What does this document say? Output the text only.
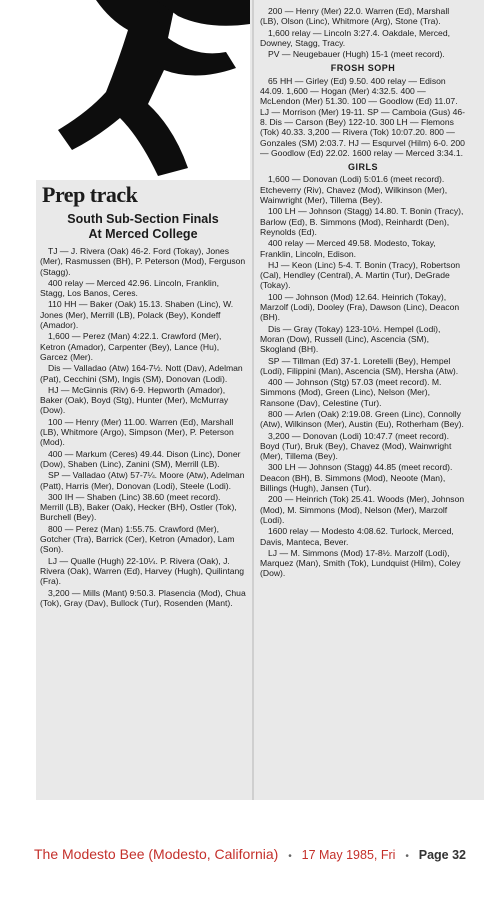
Prep track
South Sub-Section Finals
At Merced College

TJ — J. Rivera (Oak) 46-2. Ford (Tokay), Jones (Mer), Rasmussen (BH), P. Peterson (Mod), Ferguson (Stagg).

400 relay — Merced 42.96. Lincoln, Franklin, Stagg, Los Banos, Ceres.

110 HH — Baker (Oak) 15.13. Shaben (Linc), W. Jones (Mer), Merrill (LB), Polack (Bey), Kondeff (Amador).

1,600 — Perez (Man) 4:22.1. Crawford (Mer), Ketron (Amador), Carpenter (Bey), Lance (Hu), Garcez (Mer).

Dis — Valladao (Atw) 164-7½. Nott (Dav), Adelman (Pat), Cecchini (SM), Ingis (SM), Donovan (Lodi).

HJ — McGinnis (Riv) 6-9. Hepworth (Amador), Baker (Oak), Boyd (Stg), Hunter (Mer), McMurray (Dow).

100 — Henry (Mer) 11.00. Warren (Ed), Marshall (LB), Whitmore (Argo), Simpson (Mer), P. Peterson (Mod).

400 — Markum (Ceres) 49.44. Dison (Linc), Doner (Dow), Shaben (Linc), Zanini (SM), Merrill (LB).

SP — Valladao (Atw) 57-7¼. Moore (Atw), Adelman (Patt), Harris (Mer), Donovan (Lodi), Steele (Lodi).

300 IH — Shaben (Linc) 38.60 (meet record). Merrill (LB), Baker (Oak), Hecker (BH), Ostler (Tok), Burchell (Bey).

800 — Perez (Man) 1:55.75. Crawford (Mer), Gotcher (Tra), Barrick (Cer), Ketron (Amador), Lam (Son).

LJ — Qualle (Hugh) 22-10¼. P. Rivera (Oak), J. Rivera (Oak), Warren (Ed), Harvey (Hugh), Quilintang (Fra).

3,200 — Mills (Mant) 9:50.3. Plasencia (Mod), Chua (Tok), Gray (Dav), Bullock (Tur), Rosenden (Mant).

200 — Henry (Mer) 22.0. Warren (Ed), Marshall (LB), Olson (Linc), Whitmore (Arg), Stone (Tra).

1,600 relay — Lincoln 3:27.4. Oakdale, Merced, Downey, Stagg, Tracy.

PV — Neugebauer (Hugh) 15-1 (meet record).

FROSH SOPH

65 HH — Girley (Ed) 9.50. 400 relay — Edison 44.09. 1,600 — Hogan (Mer) 4:32.5. 400 — McLendon (Mer) 51.30. 100 — Goodlow (Ed) 11.07. LJ — Morrison (Mer) 19-11. SP — Camboia (Gus) 46-8. Dis — Carson (Bey) 122-10. 300 LH — Flemons (Tok) 40.33. 3,200 — Rivera (Tok) 10:07.20. 800 — Gonzales (SM) 2:03.7. HJ — Esqurvel (Hilm) 6-0. 200 — Goodlow (Ed) 22.02. 1600 relay — Merced 3:34.1.

GIRLS

1,600 — Donovan (Lodi) 5:01.6 (meet record). Etcheverry (Riv), Chavez (Mod), Wilkinson (Mer), Wainwright (Mer), Tillema (Bey).

100 LH — Johnson (Stagg) 14.80. T. Bonin (Tracy), Barlow (Ed), B. Simmons (Mod), Reinhardt (Den), Reynolds (Ed).

400 relay — Merced 49.58. Modesto, Tokay, Franklin, Lincoln, Edison.

HJ — Keon (Linc) 5-4. T. Bonin (Tracy), Robertson (Cal), Hendley (Central), A. Martin (Tur), DeGrade (Tokay).

100 — Johnson (Mod) 12.64. Heinrich (Tokay), Marzolf (Lodi), Dooley (Fra), Dawson (Linc), Deacon (BH).

Dis — Gray (Tokay) 123-10½. Hempel (Lodi), Moran (Dow), Russell (Linc), Ascencia (SM), Skogland (BH).

SP — Tillman (Ed) 37-1. Loretelli (Bey), Hempel (Lodi), Filippini (Man), Ascencia (SM), Hersha (Atw).

400 — Johnson (Stg) 57.03 (meet record). M. Simmons (Mod), Green (Linc), Nelson (Mer), Ransone (Dav), Celestine (Tur).

800 — Arlen (Oak) 2:19.08. Green (Linc), Connolly (Atw), Wilkinson (Mer), Austin (Eu), Rotherham (Bey).

3,200 — Donovan (Lodi) 10:47.7 (meet record). Boyd (Tur), Bruk (Bey), Chavez (Mod), Wainwright (Mer), Tillema (Bey).

300 LH — Johnson (Stagg) 44.85 (meet record). Deacon (BH), B. Simmons (Mod), Neoote (Man), Billings (Hugh), Jansen (Tur).

200 — Heinrich (Tok) 25.41. Woods (Mer), Johnson (Mod), M. Simmons (Mod), Nelson (Mer), Marzolf (Lodi).

1600 relay — Modesto 4:08.62. Turlock, Merced, Davis, Manteca, Bever.

LJ — M. Simmons (Mod) 17-8½. Marzolf (Lodi), Marquez (Man), Smith (Tok), Lundquist (Hilm), Coley (Dow).

The Modesto Bee (Modesto, California) • 17 May 1985, Fri • Page 32
